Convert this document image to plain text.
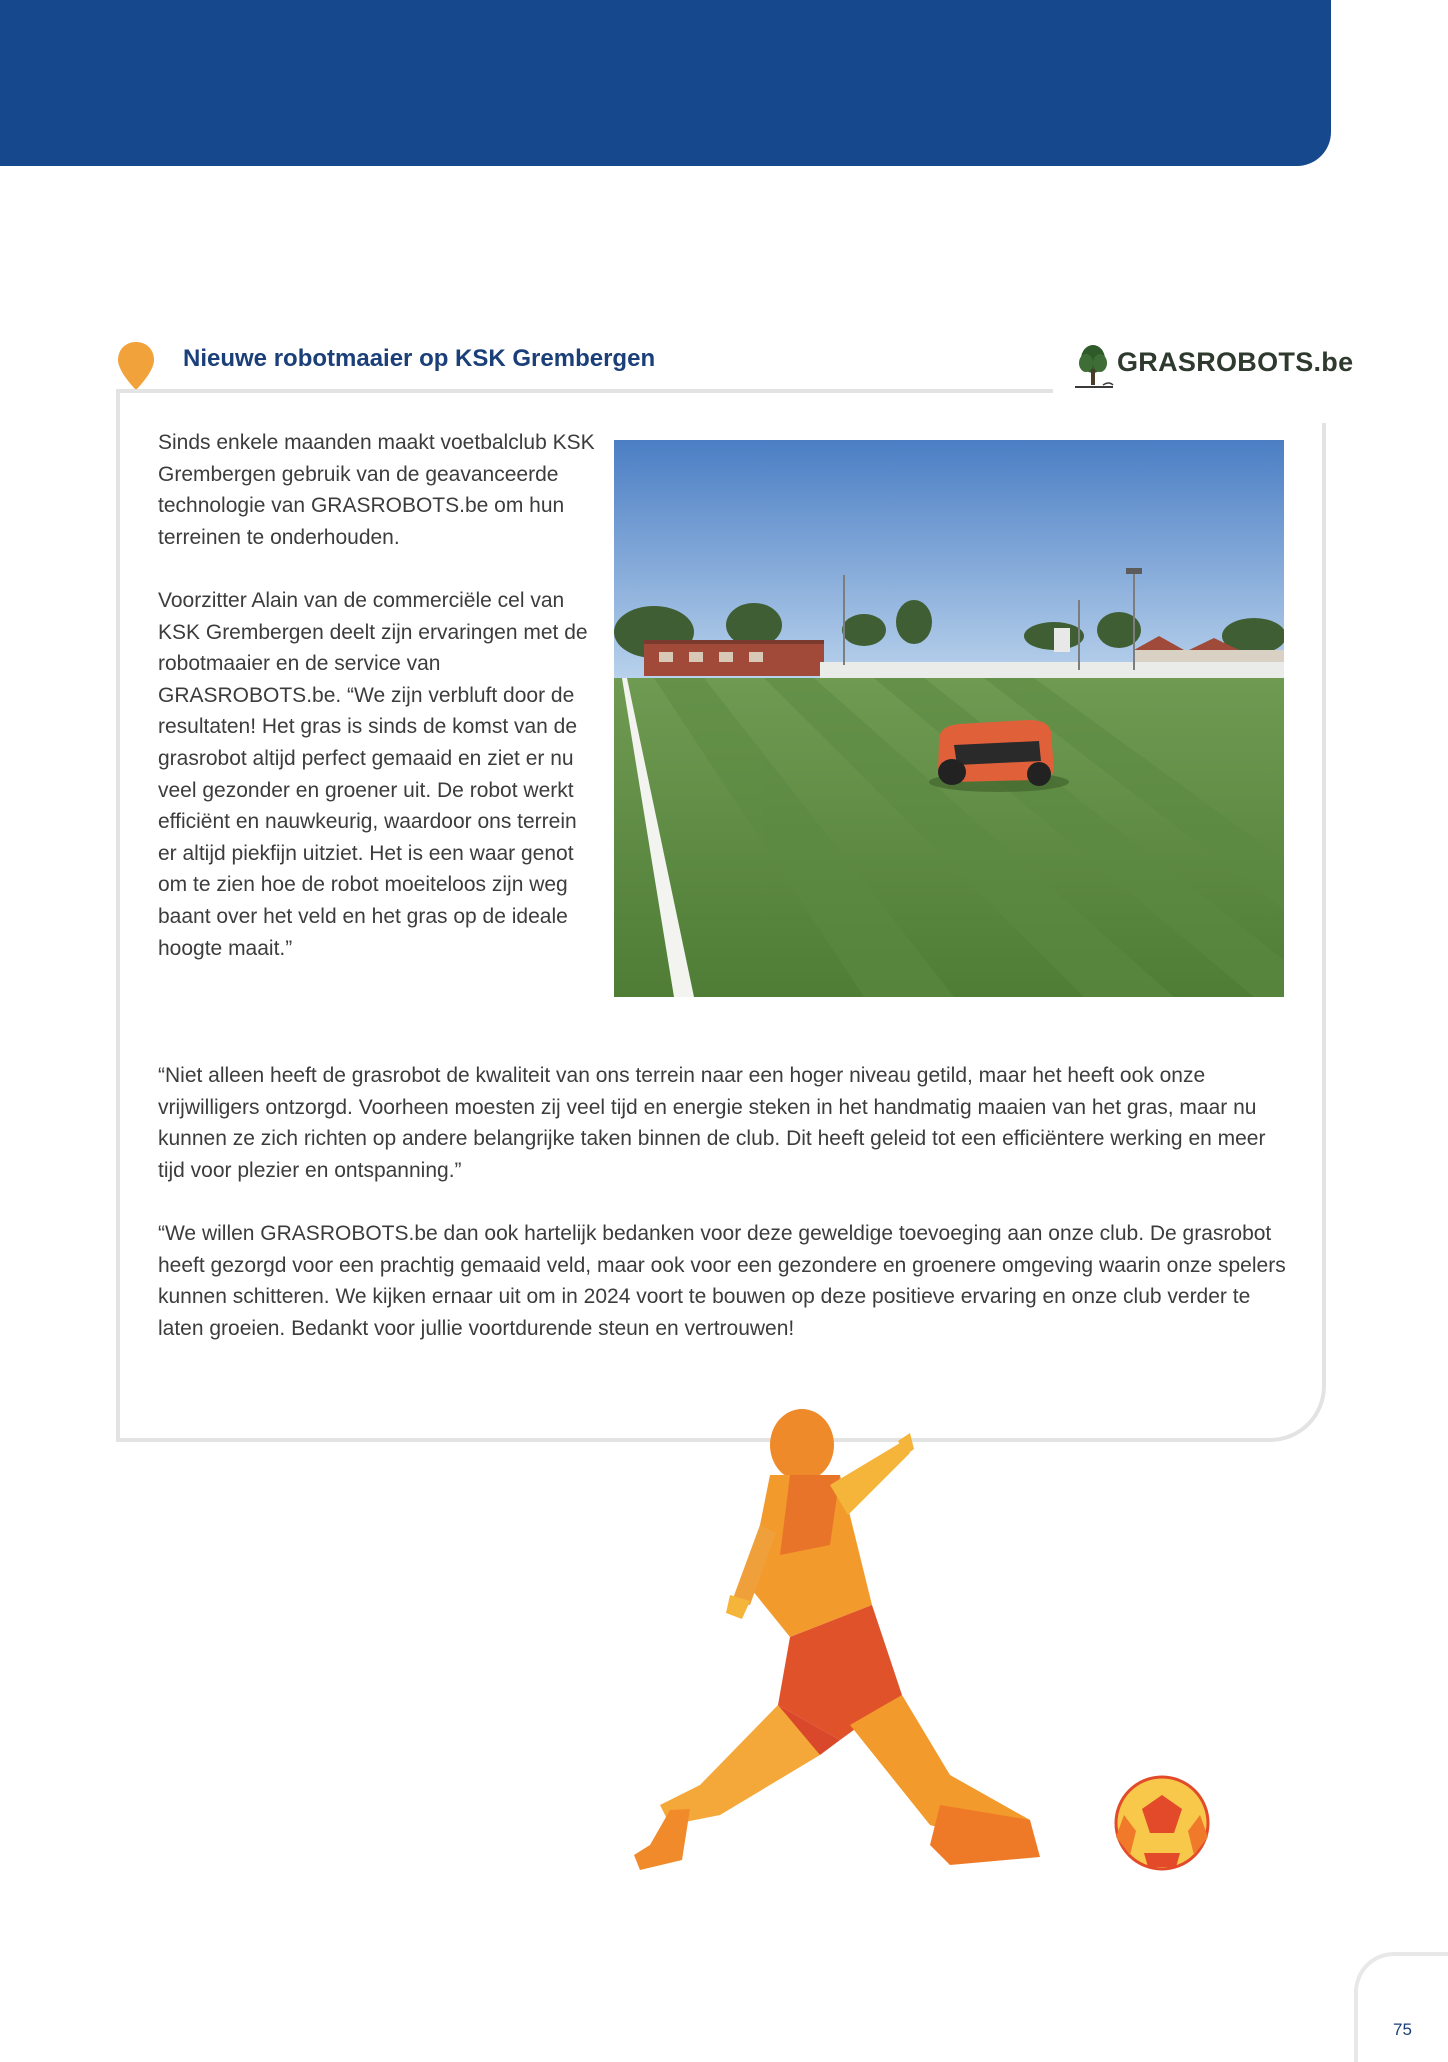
Nieuwe robotmaaier op KSK Grembergen	GRASROBOTS.be

Sinds enkele maanden maakt voetbalclub KSK Grembergen gebruik van de geavanceerde technologie van GRASROBOTS.be om hun terreinen te onderhouden.

Voorzitter Alain van de commerciële cel van KSK Grembergen deelt zijn ervaringen met de robotmaaier en de service van GRASROBOTS.be. “We zijn verbluft door de resultaten! Het gras is sinds de komst van de grasrobot altijd perfect gemaaid en ziet er nu veel gezonder en groener uit. De robot werkt efficiënt en nauwkeurig, waardoor ons terrein er altijd piekfijn uitziet. Het is een waar genot om te zien hoe de robot moeiteloos zijn weg baant over het veld en het gras op de ideale hoogte maait.”

“Niet alleen heeft de grasrobot de kwaliteit van ons terrein naar een hoger niveau getild, maar het heeft ook onze vrijwilligers ontzorgd. Voorheen moesten zij veel tijd en energie steken in het handmatig maaien van het gras, maar nu kunnen ze zich richten op andere belangrijke taken binnen de club. Dit heeft geleid tot een efficiëntere werking en meer tijd voor plezier en ontspanning.”

“We willen GRASROBOTS.be dan ook hartelijk bedanken voor deze geweldige toevoeging aan onze club. De grasrobot heeft gezorgd voor een prachtig gemaaid veld, maar ook voor een gezondere en groenere omgeving waarin onze spelers kunnen schitteren. We kijken ernaar uit om in 2024 voort te bouwen op deze positieve ervaring en onze club verder te laten groeien. Bedankt voor jullie voortdurende steun en vertrouwen!

75
